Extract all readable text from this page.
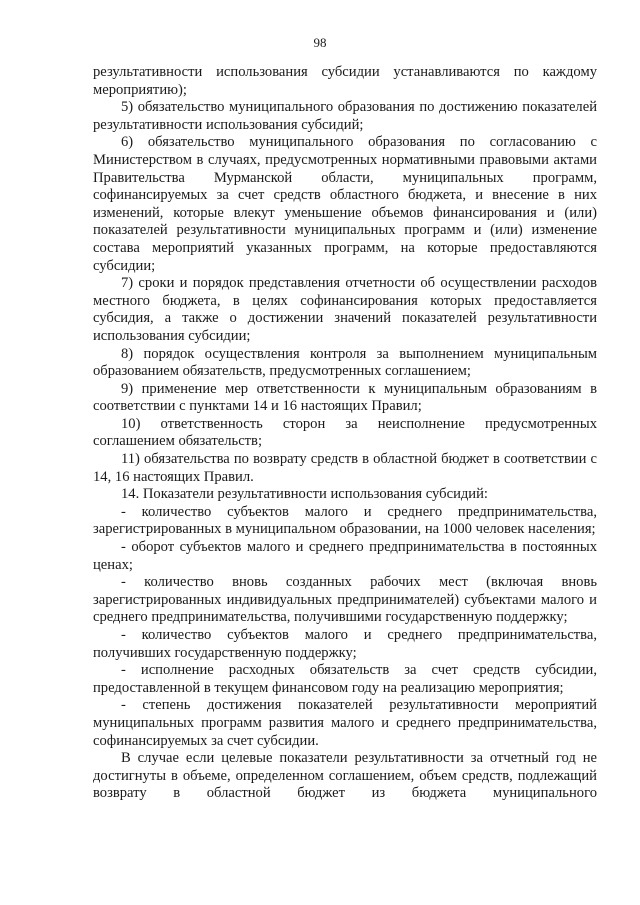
98

результативности использования субсидии устанавливаются по каждому мероприятию);

5) обязательство муниципального образования по достижению показателей результативности использования субсидий;

6) обязательство муниципального образования по согласованию с Министерством в случаях, предусмотренных нормативными правовыми актами Правительства Мурманской области, муниципальных программ, софинансируемых за счет средств областного бюджета, и внесение в них изменений, которые влекут уменьшение объемов финансирования и (или) показателей результативности муниципальных программ и (или) изменение состава мероприятий указанных программ, на которые предоставляются субсидии;

7) сроки и порядок представления отчетности об осуществлении расходов местного бюджета, в целях софинансирования которых предоставляется субсидия, а также о достижении значений показателей результативности использования субсидии;

8) порядок осуществления контроля за выполнением муниципальным образованием обязательств, предусмотренных соглашением;

9) применение мер ответственности к муниципальным образованиям в соответствии с пунктами 14 и 16 настоящих Правил;

10) ответственность сторон за неисполнение предусмотренных соглашением обязательств;

11) обязательства по возврату средств в областной бюджет в соответствии с 14, 16 настоящих Правил.

14. Показатели результативности использования субсидий:

- количество субъектов малого и среднего предпринимательства, зарегистрированных в муниципальном образовании, на 1000 человек населения;

- оборот субъектов малого и среднего предпринимательства в постоянных ценах;

- количество вновь созданных рабочих мест (включая вновь зарегистрированных индивидуальных предпринимателей) субъектами малого и среднего предпринимательства, получившими государственную поддержку;

- количество субъектов малого и среднего предпринимательства, получивших государственную поддержку;

- исполнение расходных обязательств за счет средств субсидии, предоставленной в текущем финансовом году на реализацию мероприятия;

- степень достижения показателей результативности мероприятий муниципальных программ развития малого и среднего предпринимательства, софинансируемых за счет субсидии.

В случае если целевые показатели результативности за отчетный год не достигнуты в объеме, определенном соглашением, объем средств, подлежащий возврату в областной бюджет из бюджета муниципального
